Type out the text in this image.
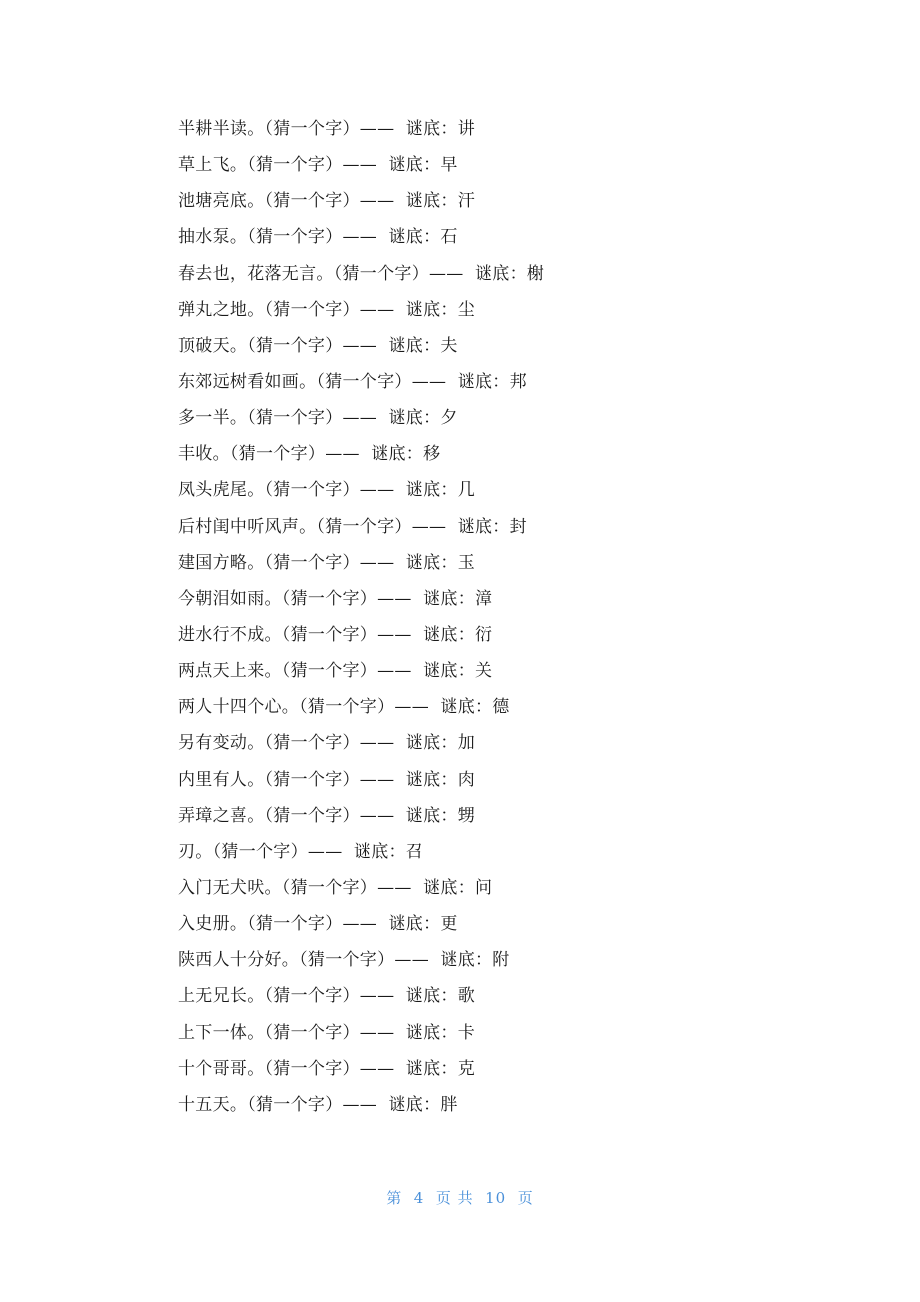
半耕半读。（猜一个字）——  谜底：讲
草上飞。（猜一个字）——  谜底：早
池塘亮底。（猜一个字）——  谜底：汗
抽水泵。（猜一个字）——  谜底：石
春去也，花落无言。（猜一个字）——  谜底：榭
弹丸之地。（猜一个字）——  谜底：尘
顶破天。（猜一个字）——  谜底：夫
东郊远树看如画。（猜一个字）——  谜底：邦
多一半。（猜一个字）——  谜底：夕
丰收。（猜一个字）——  谜底：移
凤头虎尾。（猜一个字）——  谜底：几
后村闺中听风声。（猜一个字）——  谜底：封
建国方略。（猜一个字）——  谜底：玉
今朝泪如雨。（猜一个字）——  谜底：漳
进水行不成。（猜一个字）——  谜底：衍
两点天上来。（猜一个字）——  谜底：关
两人十四个心。（猜一个字）——  谜底：德
另有变动。（猜一个字）——  谜底：加
内里有人。（猜一个字）——  谜底：肉
弄璋之喜。（猜一个字）——  谜底：甥
刃。（猜一个字）——  谜底：召
入门无犬吠。（猜一个字）——  谜底：问
入史册。（猜一个字）——  谜底：更
陕西人十分好。（猜一个字）——  谜底：附
上无兄长。（猜一个字）——  谜底：歌
上下一体。（猜一个字）——  谜底：卡
十个哥哥。（猜一个字）——  谜底：克
十五天。（猜一个字）——  谜底：胖
第  4  页 共  10  页
